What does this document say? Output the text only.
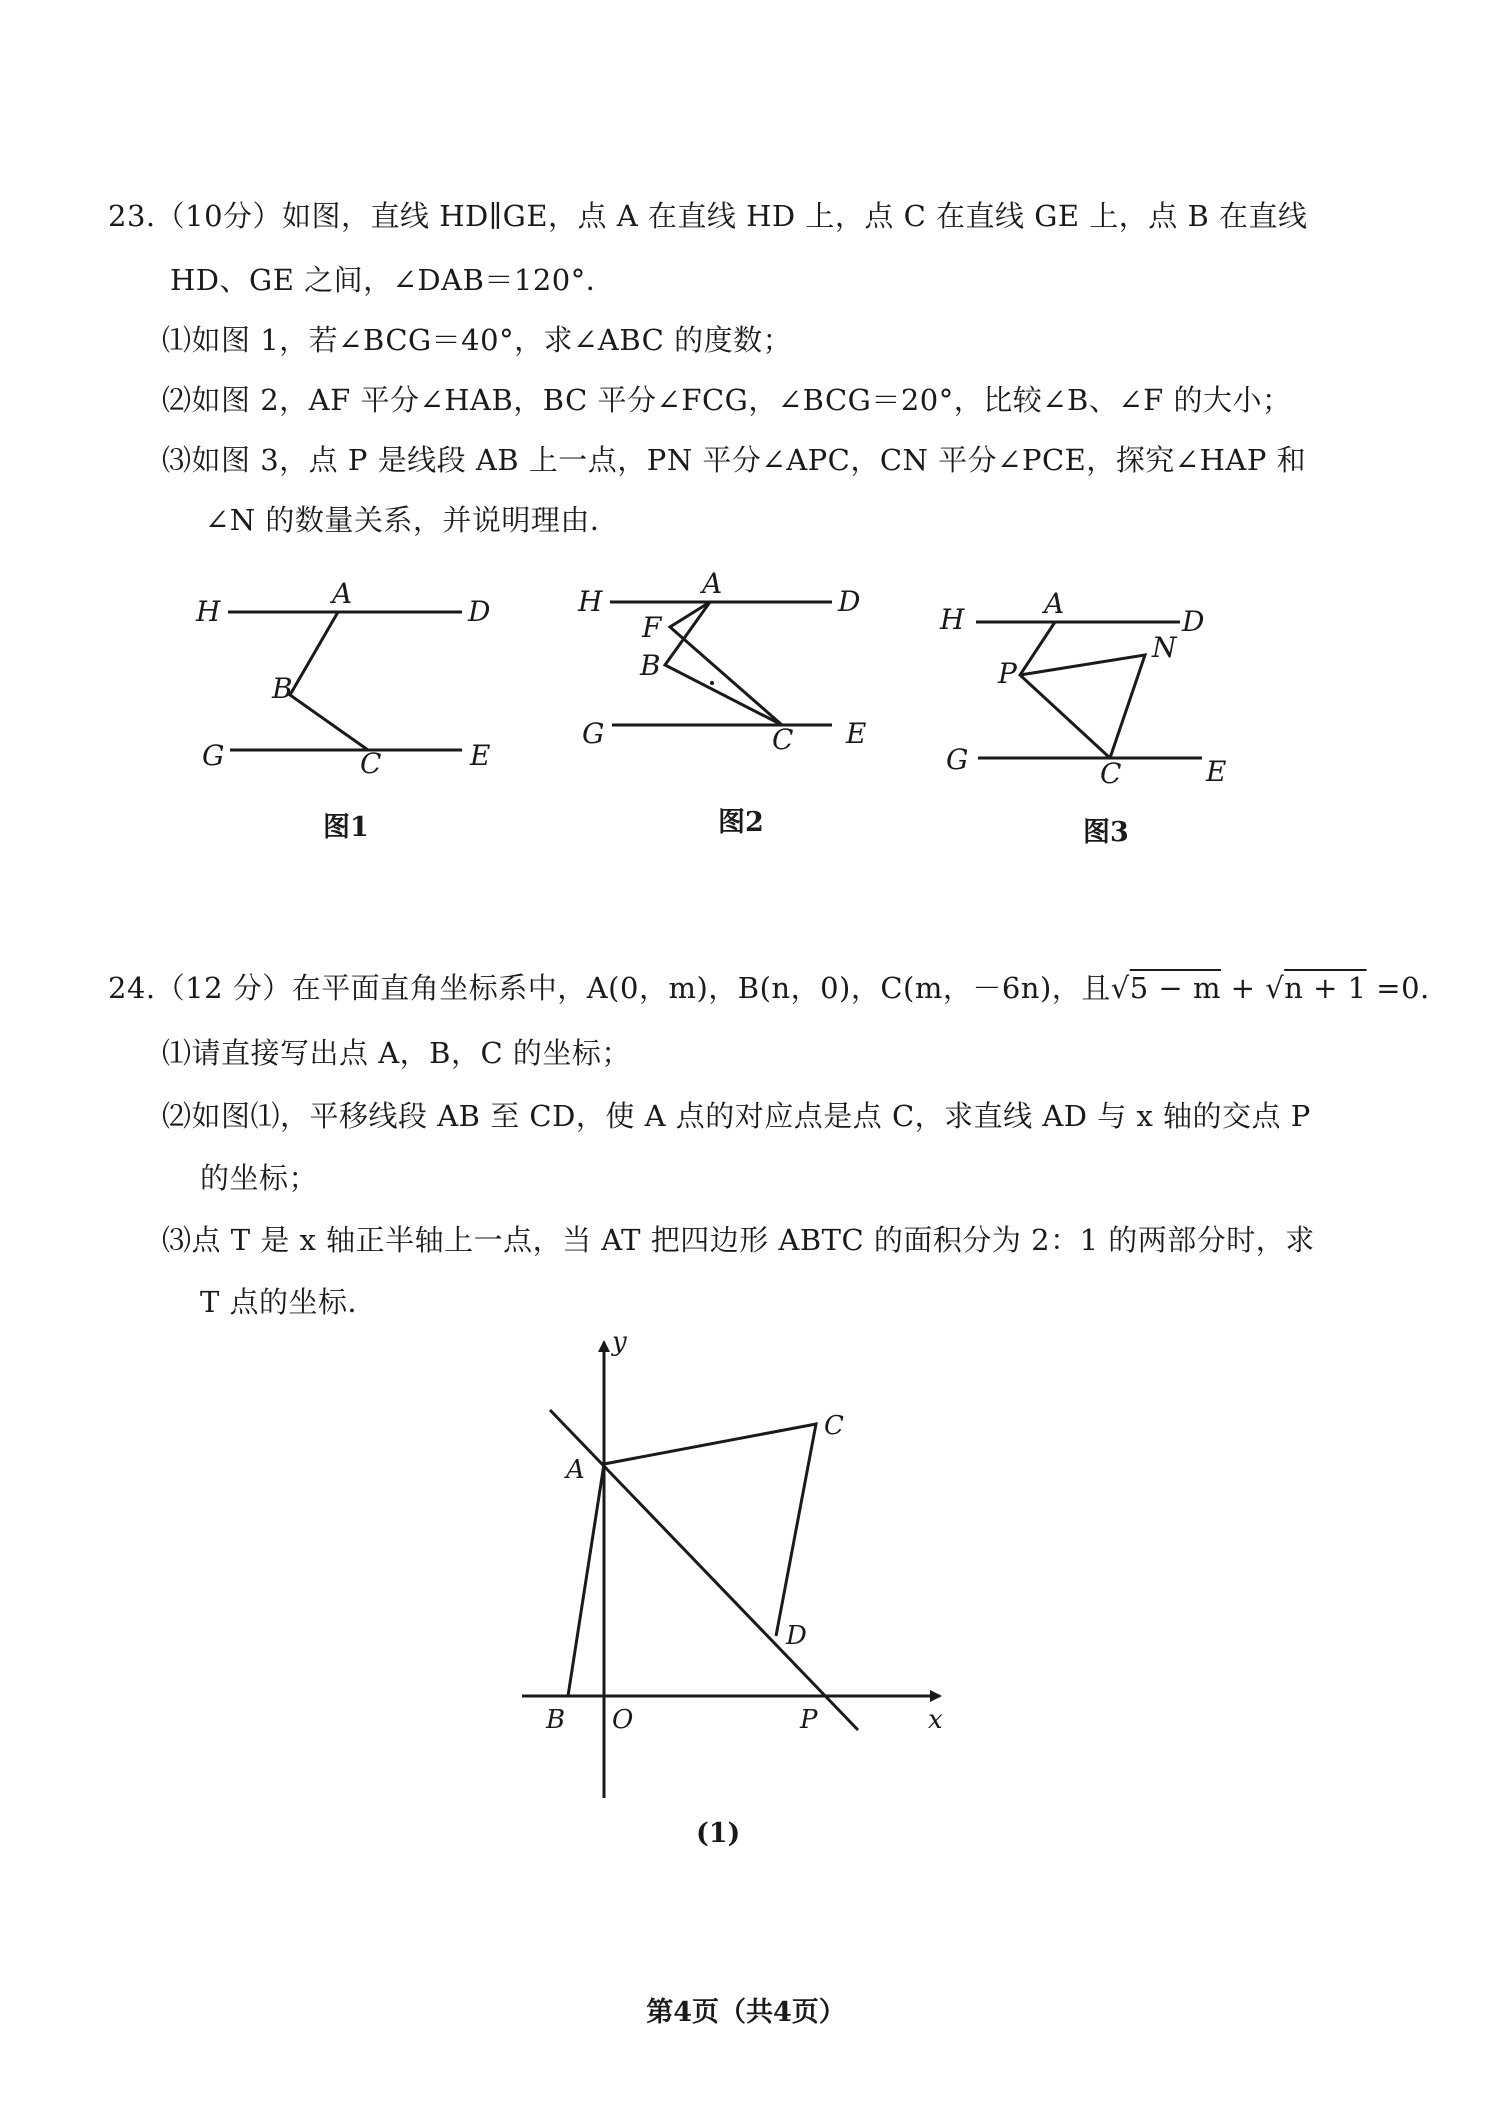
23.（10分）如图，直线 HD∥GE，点 A 在直线 HD 上，点 C 在直线 GE 上，点 B 在直线
HD、GE 之间，∠DAB＝120°．
⑴如图 1，若∠BCG＝40°，求∠ABC 的度数；
⑵如图 2，AF 平分∠HAB，BC 平分∠FCG，∠BCG＝20°，比较∠B、∠F 的大小；
⑶如图 3，点 P 是线段 AB 上一点，PN 平分∠APC，CN 平分∠PCE，探究∠HAP 和
∠N 的数量关系，并说明理由．
H
A
D
B
G	C	E
图1
H
A
D
F
B
G	C E
图2
H	A
D
P
N
G	C	E
图3
24.（12 分）在平面直角坐标系中，A(0，m)，B(n，0)，C(m，－6n)，且√5 − m + √n + 1 =0.
⑴请直接写出点 A，B，C 的坐标；
⑵如图⑴，平移线段 AB 至 CD，使 A 点的对应点是点 C，求直线 AD 与 x 轴的交点 P
的坐标；
⑶点 T 是 x 轴正半轴上一点，当 AT 把四边形 ABTC 的面积分为 2：1 的两部分时，求
T 点的坐标．
y
x
A
B O	P
C
D
(1)
第4页（共4页）
